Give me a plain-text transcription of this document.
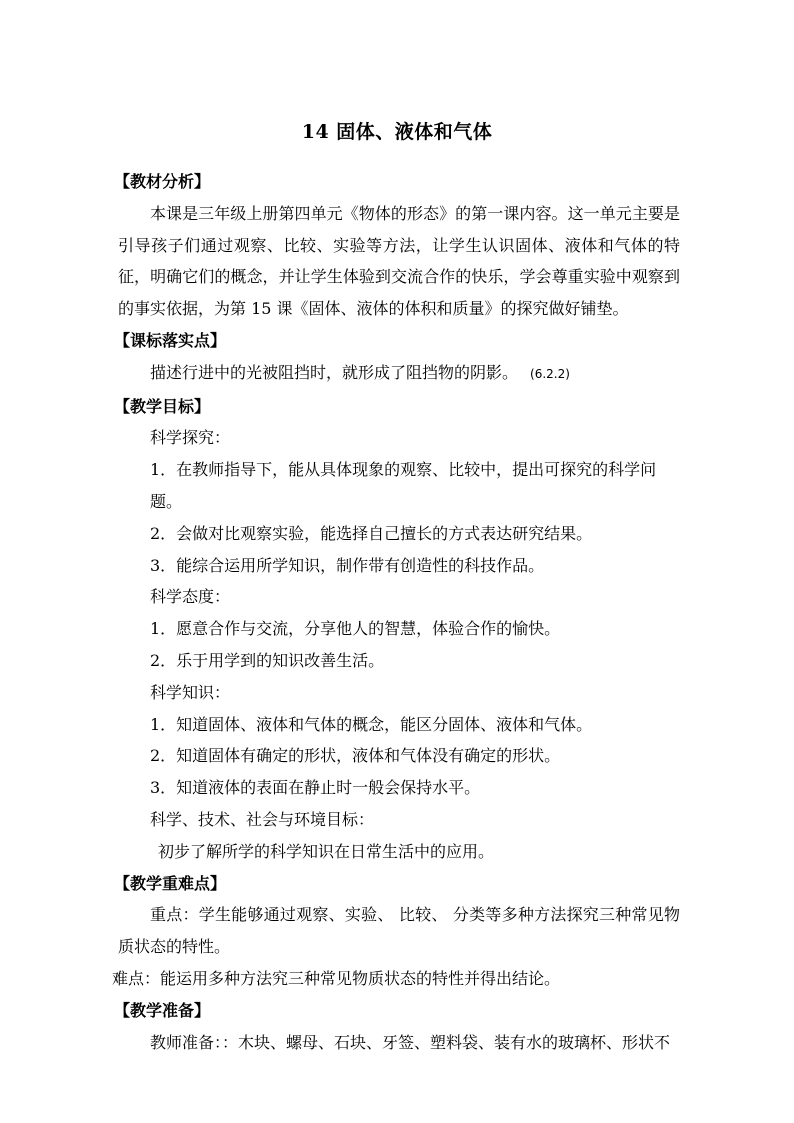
14 固体、液体和气体
【教材分析】
本课是三年级上册第四单元《物体的形态》的第一课内容。这一单元主要是引导孩子们通过观察、比较、实验等方法，让学生认识固体、液体和气体的特征，明确它们的概念，并让学生体验到交流合作的快乐，学会尊重实验中观察到的事实依据，为第 15 课《固体、液体的体积和质量》的探究做好铺垫。
【课标落实点】
描述行进中的光被阻挡时，就形成了阻挡物的阴影。 (6.2.2)
【教学目标】
科学探究：
1．在教师指导下，能从具体现象的观察、比较中，提出可探究的科学问题。
2．会做对比观察实验，能选择自己擅长的方式表达研究结果。
3．能综合运用所学知识，制作带有创造性的科技作品。
科学态度：
1．愿意合作与交流，分享他人的智慧，体验合作的愉快。
2．乐于用学到的知识改善生活。
科学知识：
1．知道固体、液体和气体的概念，能区分固体、液体和气体。
2．知道固体有确定的形状，液体和气体没有确定的形状。
3．知道液体的表面在静止时一般会保持水平。
科学、技术、社会与环境目标：
初步了解所学的科学知识在日常生活中的应用。
【教学重难点】
重点：学生能够通过观察、实验、 比较、 分类等多种方法探究三种常见物质状态的特性。
难点：能运用多种方法究三种常见物质状态的特性并得出结论。
【教学准备】
教师准备：：木块、螺母、石块、牙签、塑料袋、装有水的玻璃杯、形状不
